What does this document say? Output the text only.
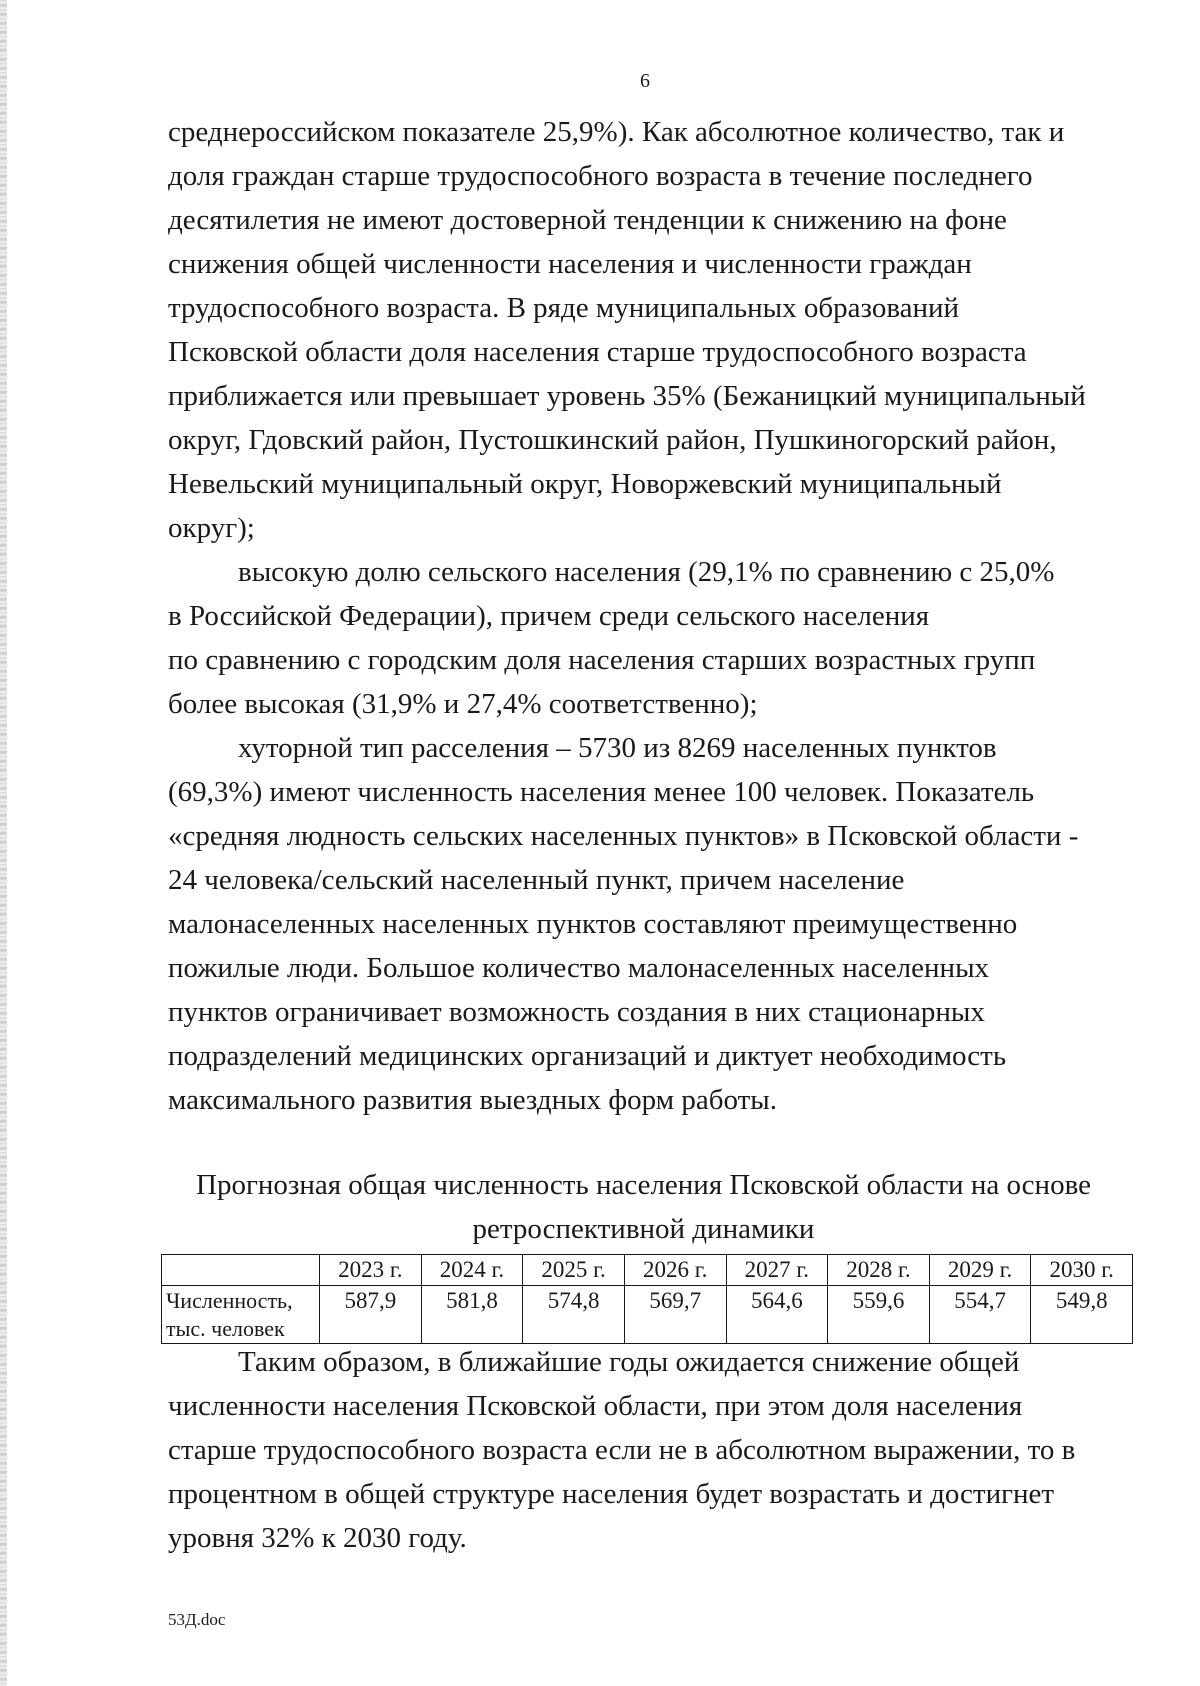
6
среднероссийском показателе 25,9%). Как абсолютное количество, так и
доля граждан старше трудоспособного возраста в течение последнего
десятилетия не имеют достоверной тенденции к снижению на фоне
снижения общей численности населения и численности граждан
трудоспособного возраста. В ряде муниципальных образований
Псковской области доля населения старше трудоспособного возраста
приближается или превышает уровень 35% (Бежаницкий муниципальный
округ, Гдовский район, Пустошкинский район, Пушкиногорский район,
Невельский муниципальный округ, Новоржевский муниципальный
округ);
высокую долю сельского населения (29,1% по сравнению с 25,0%
в Российской Федерации), причем среди сельского населения
по сравнению с городским доля населения старших возрастных групп
более высокая (31,9% и 27,4% соответственно);
хуторной тип расселения – 5730 из 8269 населенных пунктов
(69,3%) имеют численность населения менее 100 человек. Показатель
«средняя людность сельских населенных пунктов» в Псковской области -
24 человека/сельский населенный пункт, причем население
малонаселенных населенных пунктов составляют преимущественно
пожилые люди. Большое количество малонаселенных населенных
пунктов ограничивает возможность создания в них стационарных
подразделений медицинских организаций и диктует необходимость
максимального развития выездных форм работы.
Прогнозная общая численность населения Псковской области на основе
ретроспективной динамики
	2023 г.	2024 г.	2025 г.	2026 г.	2027 г.	2028 г.	2029 г.	2030 г.

Численность,
тыс. человек	587,9	581,8	574,8	569,7	564,6	559,6	554,7	549,8
Таким образом, в ближайшие годы ожидается снижение общей
численности населения Псковской области, при этом доля населения
старше трудоспособного возраста если не в абсолютном выражении, то в
процентном в общей структуре населения будет возрастать и достигнет
уровня 32% к 2030 году.
53Д.doc
